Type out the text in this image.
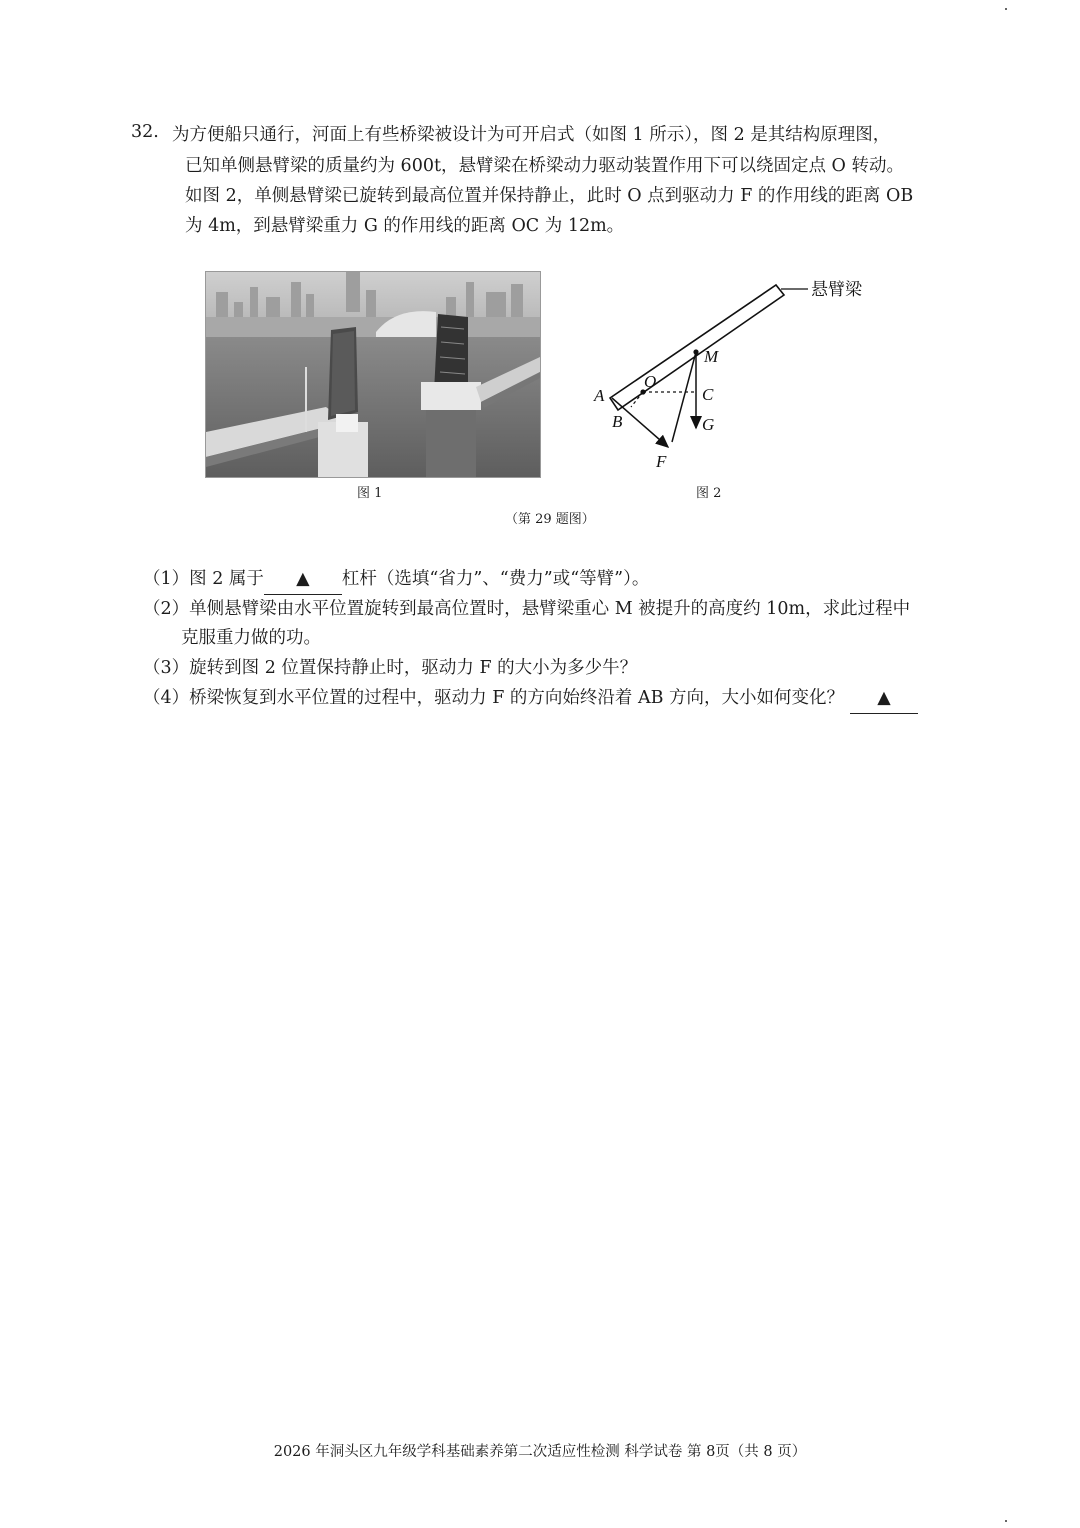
32. 为方便船只通行，河面上有些桥梁被设计为可开启式（如图 1 所示），图 2 是其结构原理图，
已知单侧悬臂梁的质量约为 600t，悬臂梁在桥梁动力驱动装置作用下可以绕固定点 O 转动。
如图 2，单侧悬臂梁已旋转到最高位置并保持静止，此时 O 点到驱动力 F 的作用线的距离 OB
为 4m，到悬臂梁重力 G 的作用线的距离 OC 为 12m。
图 1
悬臂梁
M
O
A
B
C
G
F
图 2
（第 29 题图）
（1）图 2 属于 ▲ 杠杆（选填“省力”、“费力”或“等臂”）。
（2）单侧悬臂梁由水平位置旋转到最高位置时，悬臂梁重心 M 被提升的高度约 10m，求此过程中
克服重力做的功。
（3）旋转到图 2 位置保持静止时，驱动力 F 的大小为多少牛？
（4）桥梁恢复到水平位置的过程中，驱动力 F 的方向始终沿着 AB 方向，大小如何变化？ ▲
2026 年洞头区九年级学科基础素养第二次适应性检测 科学试卷 第 8页（共 8 页）
